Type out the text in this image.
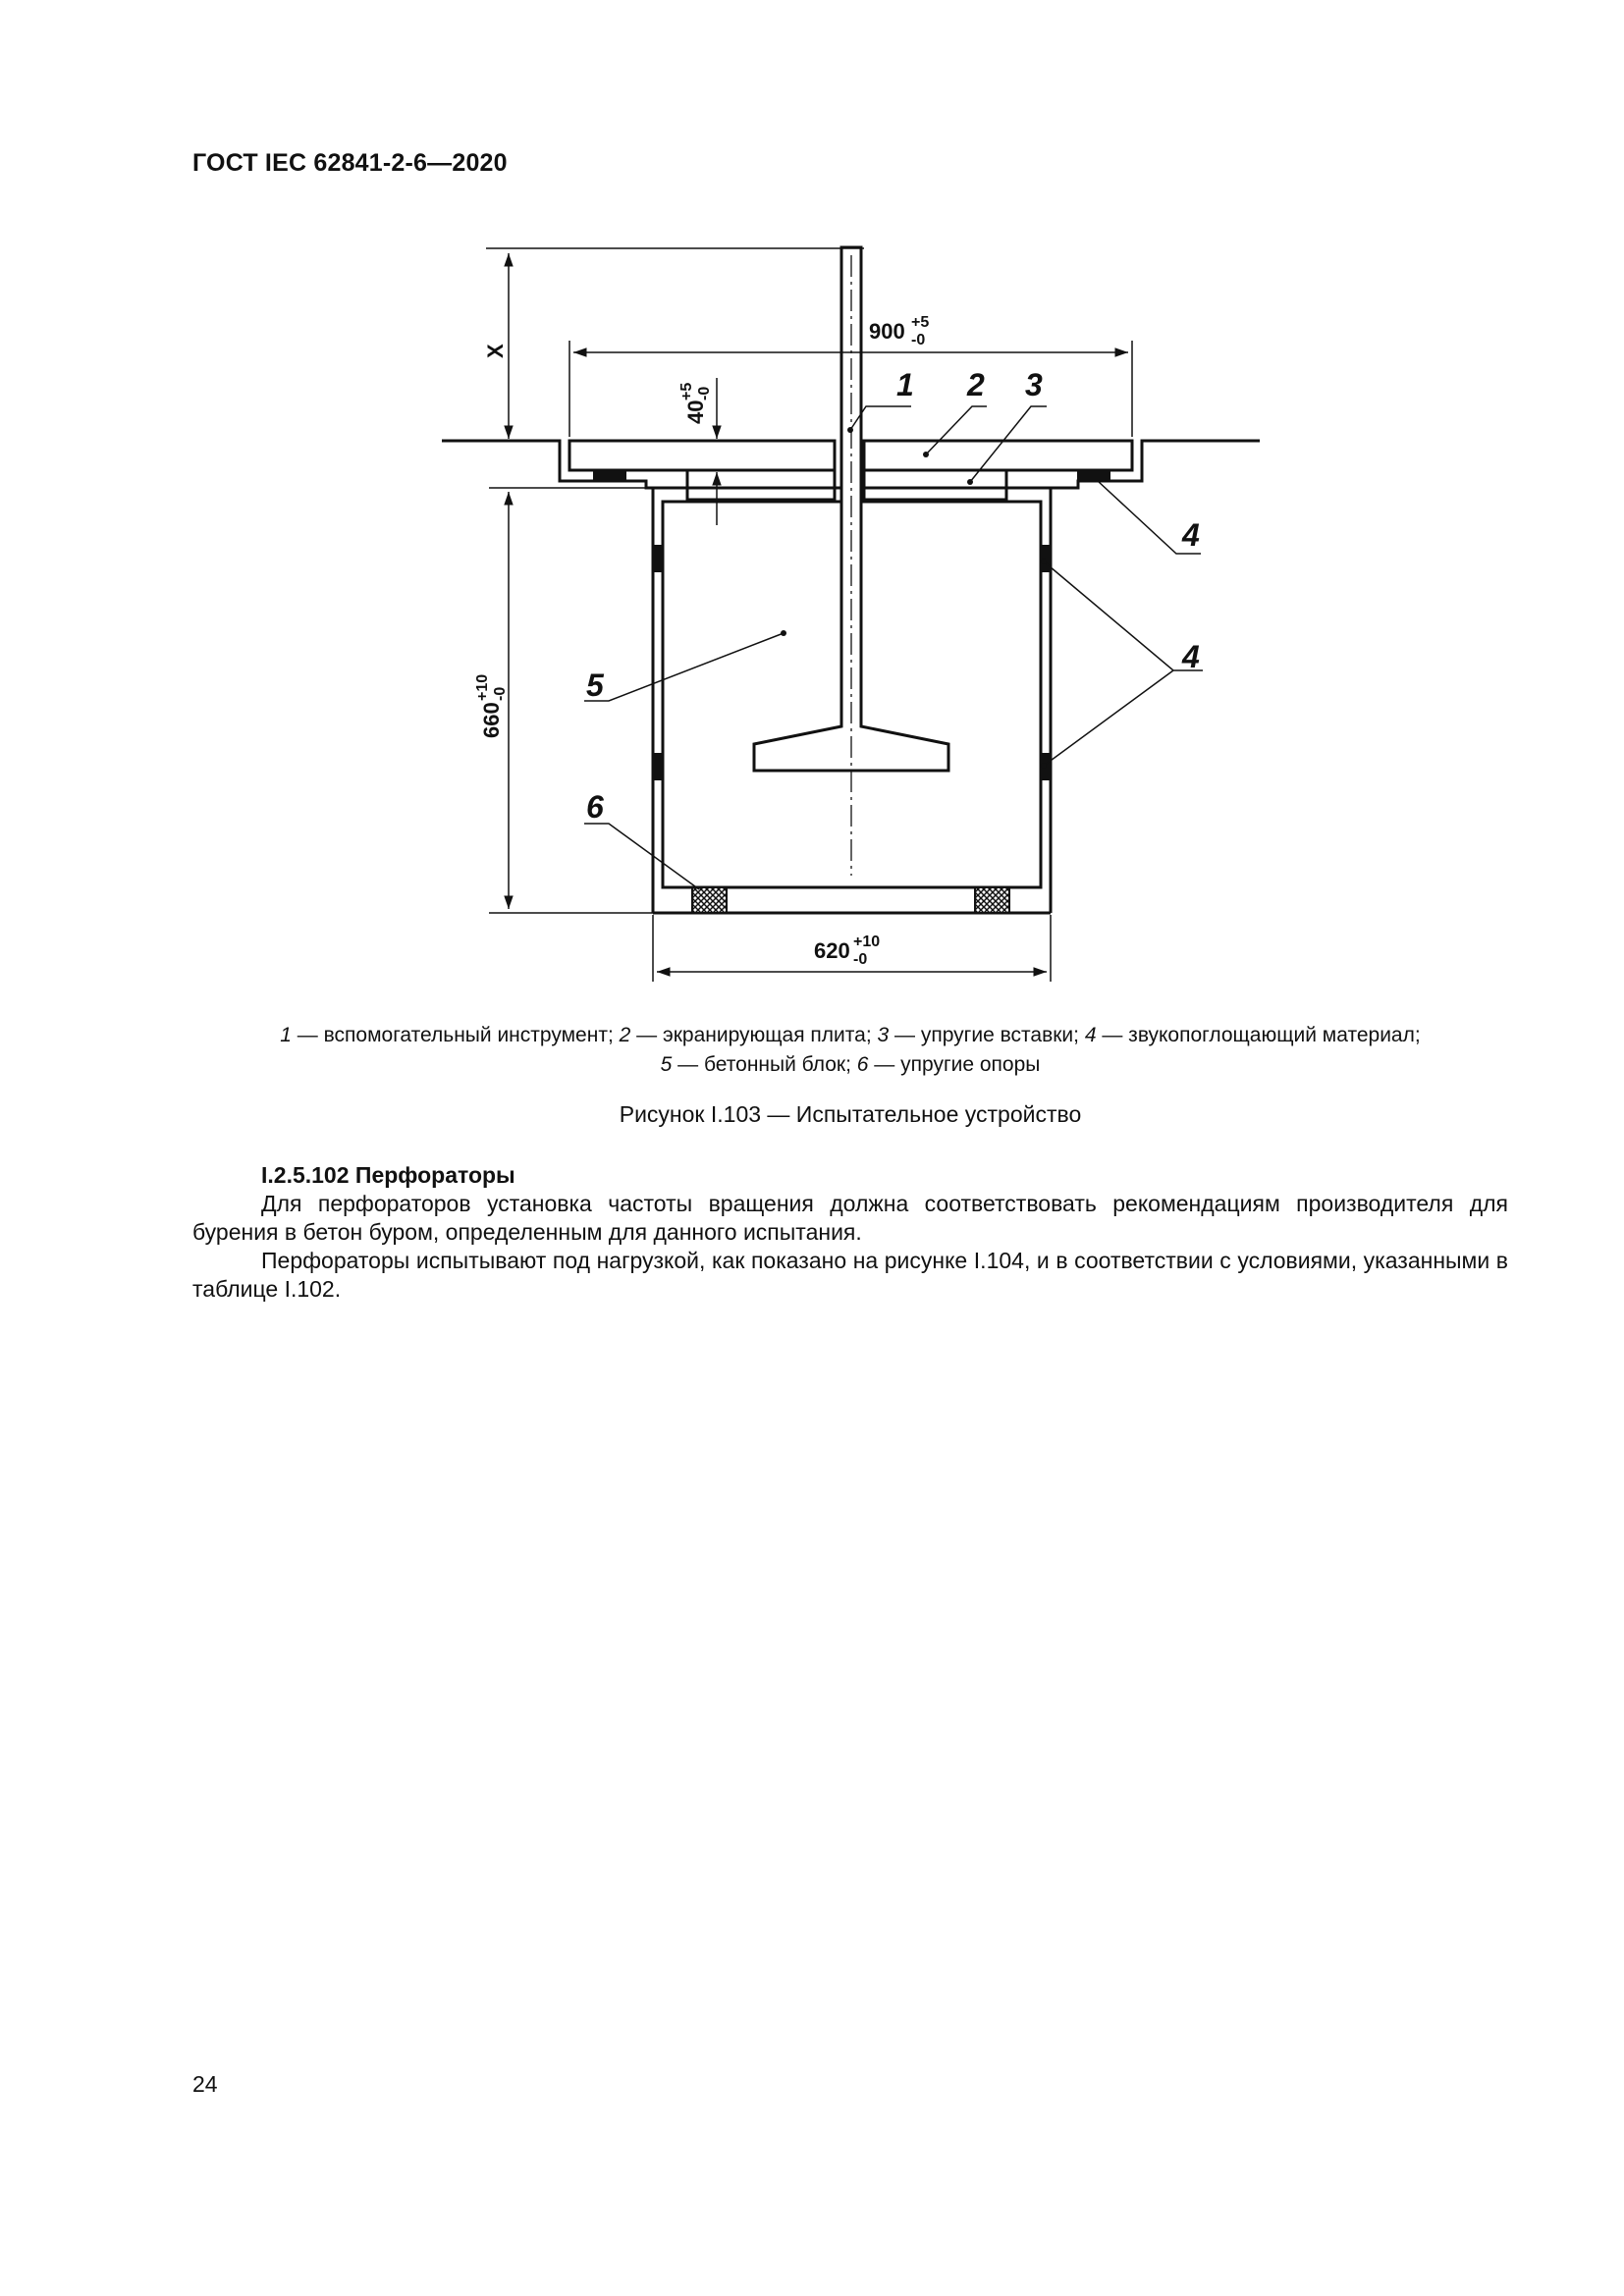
ГОСТ IEC 62841-2-6—2020
1 2 3
4
4
5
6
X
900 +5
-0
40
+5 -0
660
+10 -0
620 +10
-0
1 — вспомогательный инструмент; 2 — экранирующая плита; 3 — упругие вставки; 4 — звукопоглощающий материал;
5 — бетонный блок; 6 — упругие опоры
Рисунок I.103 — Испытательное устройство
I.2.5.102 Перфораторы

Для перфораторов установка частоты вращения должна соответствовать рекомендациям производителя для бурения в бетон буром, определенным для данного испытания.

Перфораторы испытывают под нагрузкой, как показано на рисунке I.104, и в соответствии с условиями, указанными в таблице I.102.

24
